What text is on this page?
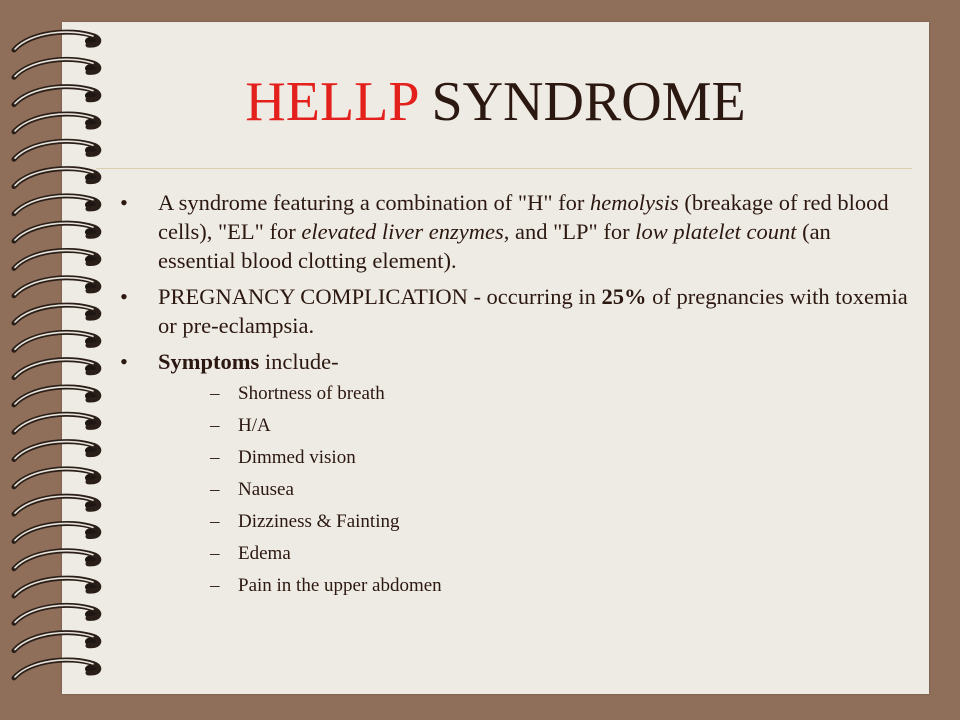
HELLP SYNDROME
• A syndrome featuring a combination of "H" for hemolysis (breakage of red blood cells), "EL" for elevated liver enzymes, and "LP" for low platelet count (an essential blood clotting element).
• PREGNANCY COMPLICATION - occurring in 25% of pregnancies with toxemia or pre-eclampsia.
• Symptoms include-
– Shortness of breath
– H/A
– Dimmed vision
– Nausea
– Dizziness & Fainting
– Edema
– Pain in the upper abdomen
